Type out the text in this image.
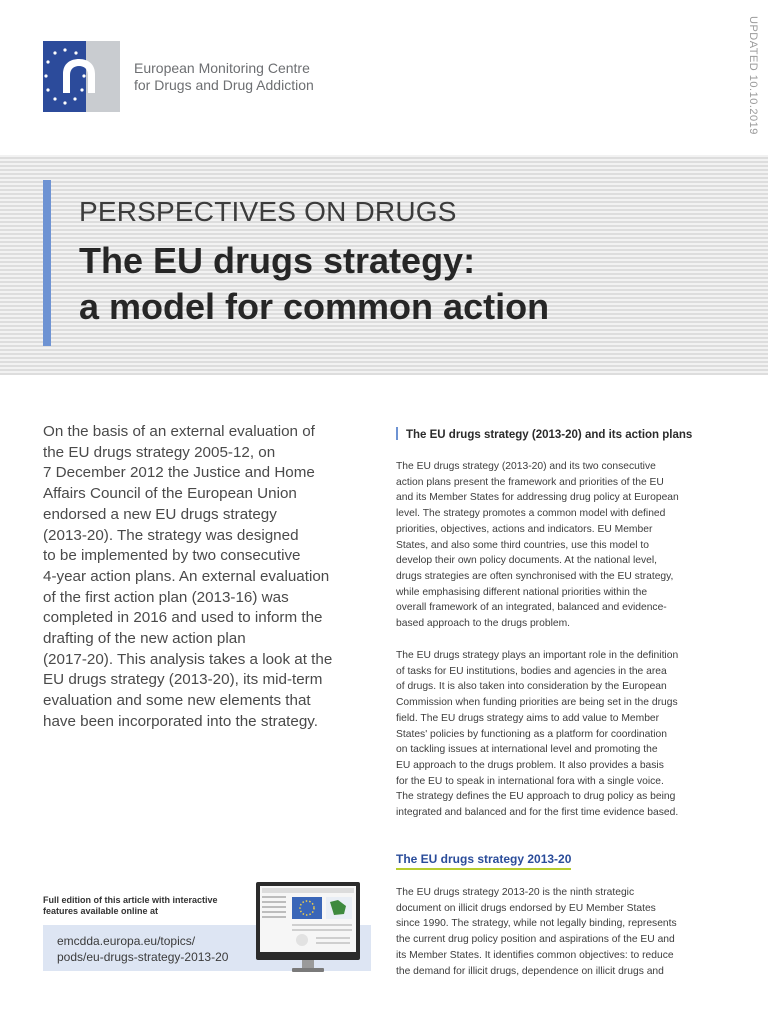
European Monitoring Centre
for Drugs and Drug Addiction	UPDATED 10.10.2019
PERSPECTIVES ON DRUGS
The EU drugs strategy:
a model for common action
On the basis of an external evaluation of
the EU drugs strategy 2005-12, on
7 December 2012 the Justice and Home
Affairs Council of the European Union
endorsed a new EU drugs strategy
(2013-20). The strategy was designed
to be implemented by two consecutive
4-year action plans. An external evaluation
of the first action plan (2013-16) was
completed in 2016 and used to inform the
drafting of the new action plan
(2017-20). This analysis takes a look at the
EU drugs strategy (2013-20), its mid-term
evaluation and some new elements that
have been incorporated into the strategy.
Full edition of this article with interactive
features available online at
emcdda.europa.eu/topics/
pods/eu-drugs-strategy-2013-20
The EU drugs strategy (2013-20) and its action plans
The EU drugs strategy (2013-20) and its two consecutive
action plans present the framework and priorities of the EU
and its Member States for addressing drug policy at European
level. The strategy promotes a common model with defined
priorities, objectives, actions and indicators. EU Member
States, and also some third countries, use this model to
develop their own policy documents. At the national level,
drugs strategies are often synchronised with the EU strategy,
while emphasising different national priorities within the
overall framework of an integrated, balanced and evidence-
based approach to the drugs problem.
The EU drugs strategy plays an important role in the definition
of tasks for EU institutions, bodies and agencies in the area
of drugs. It is also taken into consideration by the European
Commission when funding priorities are being set in the drugs
field. The EU drugs strategy aims to add value to Member
States' policies by functioning as a platform for coordination
on tackling issues at international level and promoting the
EU approach to the drugs problem. It also provides a basis
for the EU to speak in international fora with a single voice.
The strategy defines the EU approach to drug policy as being
integrated and balanced and for the first time evidence based.
The EU drugs strategy 2013-20
The EU drugs strategy 2013-20 is the ninth strategic
document on illicit drugs endorsed by EU Member States
since 1990. The strategy, while not legally binding, represents
the current drug policy position and aspirations of the EU and
its Member States. It identifies common objectives: to reduce
the demand for illicit drugs, dependence on illicit drugs and
